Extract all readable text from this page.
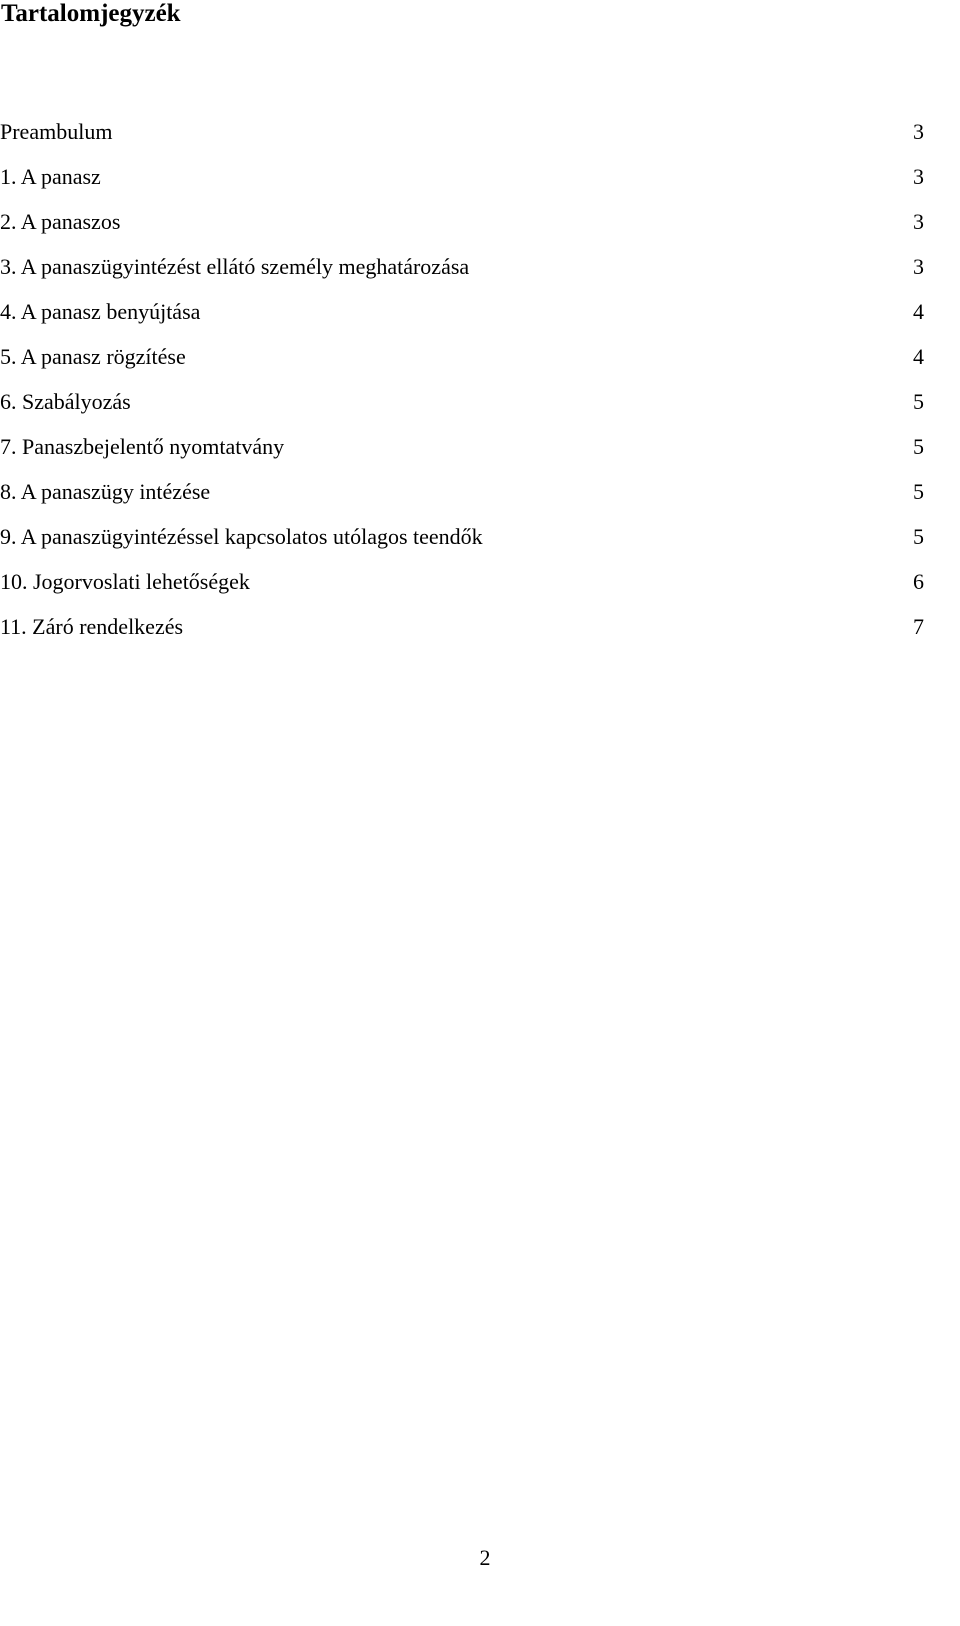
Tartalomjegyzék
Preambulum	3
1. A panasz	3
2. A panaszos	3
3. A panaszügyintézést ellátó személy meghatározása	3
4. A panasz benyújtása	4
5. A panasz rögzítése	4
6. Szabályozás	5
7. Panaszbejelentő nyomtatvány	5
8. A panaszügy intézése	5
9. A panaszügyintézéssel kapcsolatos utólagos teendők	5
10. Jogorvoslati lehetőségek	6
11. Záró rendelkezés	7
2
